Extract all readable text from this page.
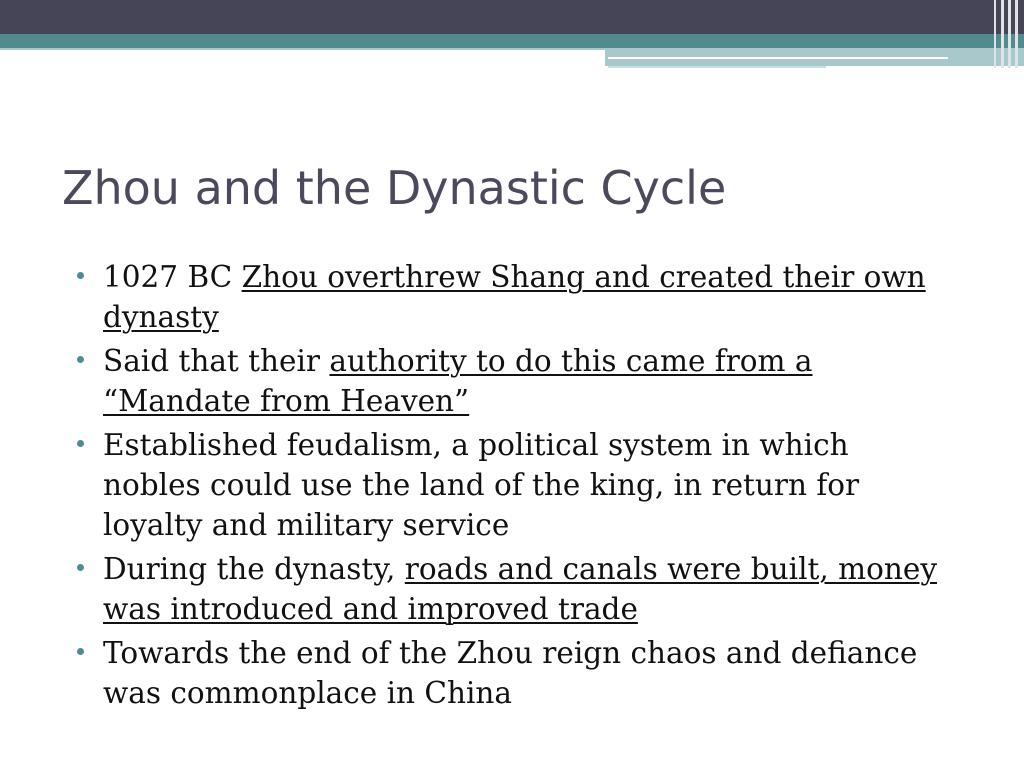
Zhou and the Dynastic Cycle
1027 BC Zhou overthrew Shang and created their own dynasty
Said that their authority to do this came from a “Mandate from Heaven”
Established feudalism, a political system in which nobles could use the land of the king, in return for loyalty and military service
During the dynasty, roads and canals were built, money was introduced and improved trade
Towards the end of the Zhou reign chaos and defiance was commonplace in China
